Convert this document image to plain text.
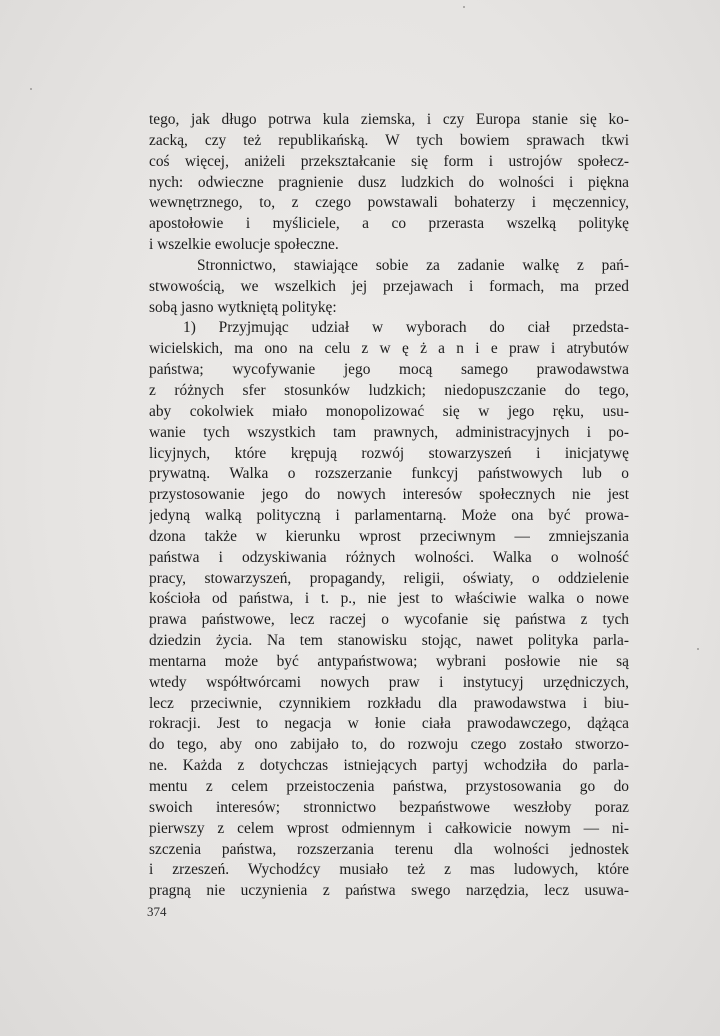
tego, jak długo potrwa kula ziemska, i czy Europa stanie się ko-
zacką, czy też republikańską. W tych bowiem sprawach tkwi
coś więcej, aniżeli przekształcanie się form i ustrojów społecz-
nych: odwieczne pragnienie dusz ludzkich do wolności i piękna
wewnętrznego, to, z czego powstawali bohaterzy i męczennicy,
apostołowie i myśliciele, a co przerasta wszelką politykę
i wszelkie ewolucje społeczne.
Stronnictwo, stawiające sobie za zadanie walkę z pań-
stwowością, we wszelkich jej przejawach i formach, ma przed
sobą jasno wytkniętą politykę:
1) Przyjmując udział w wyborach do ciał przedsta-
wicielskich, ma ono na celu z w ę ż a n i e praw i atrybutów
państwa; wycofywanie jego mocą samego prawodawstwa
z różnych sfer stosunków ludzkich; niedopuszczanie do tego,
aby cokolwiek miało monopolizować się w jego ręku, usu-
wanie tych wszystkich tam prawnych, administracyjnych i po-
licyjnych, które krępują rozwój stowarzyszeń i inicjatywę
prywatną. Walka o rozszerzanie funkcyj państwowych lub o
przystosowanie jego do nowych interesów społecznych nie jest
jedyną walką polityczną i parlamentarną. Może ona być prowa-
dzona także w kierunku wprost przeciwnym — zmniejszania
państwa i odzyskiwania różnych wolności. Walka o wolność
pracy, stowarzyszeń, propagandy, religii, oświaty, o oddzielenie
kościoła od państwa, i t. p., nie jest to właściwie walka o nowe
prawa państwowe, lecz raczej o wycofanie się państwa z tych
dziedzin życia. Na tem stanowisku stojąc, nawet polityka parla-
mentarna może być antypaństwowa; wybrani posłowie nie są
wtedy współtwórcami nowych praw i instytucyj urzędniczych,
lecz przeciwnie, czynnikiem rozkładu dla prawodawstwa i biu-
rokracji. Jest to negacja w łonie ciała prawodawczego, dążąca
do tego, aby ono zabijało to, do rozwoju czego zostało stworzo-
ne. Każda z dotychczas istniejących partyj wchodziła do parla-
mentu z celem przeistoczenia państwa, przystosowania go do
swoich interesów; stronnictwo bezpaństwowe weszłoby poraz
pierwszy z celem wprost odmiennym i całkowicie nowym — ni-
szczenia państwa, rozszerzania terenu dla wolności jednostek
i zrzeszeń. Wychodźcy musiało też z mas ludowych, które
pragną nie uczynienia z państwa swego narzędzia, lecz usuwa-
374
